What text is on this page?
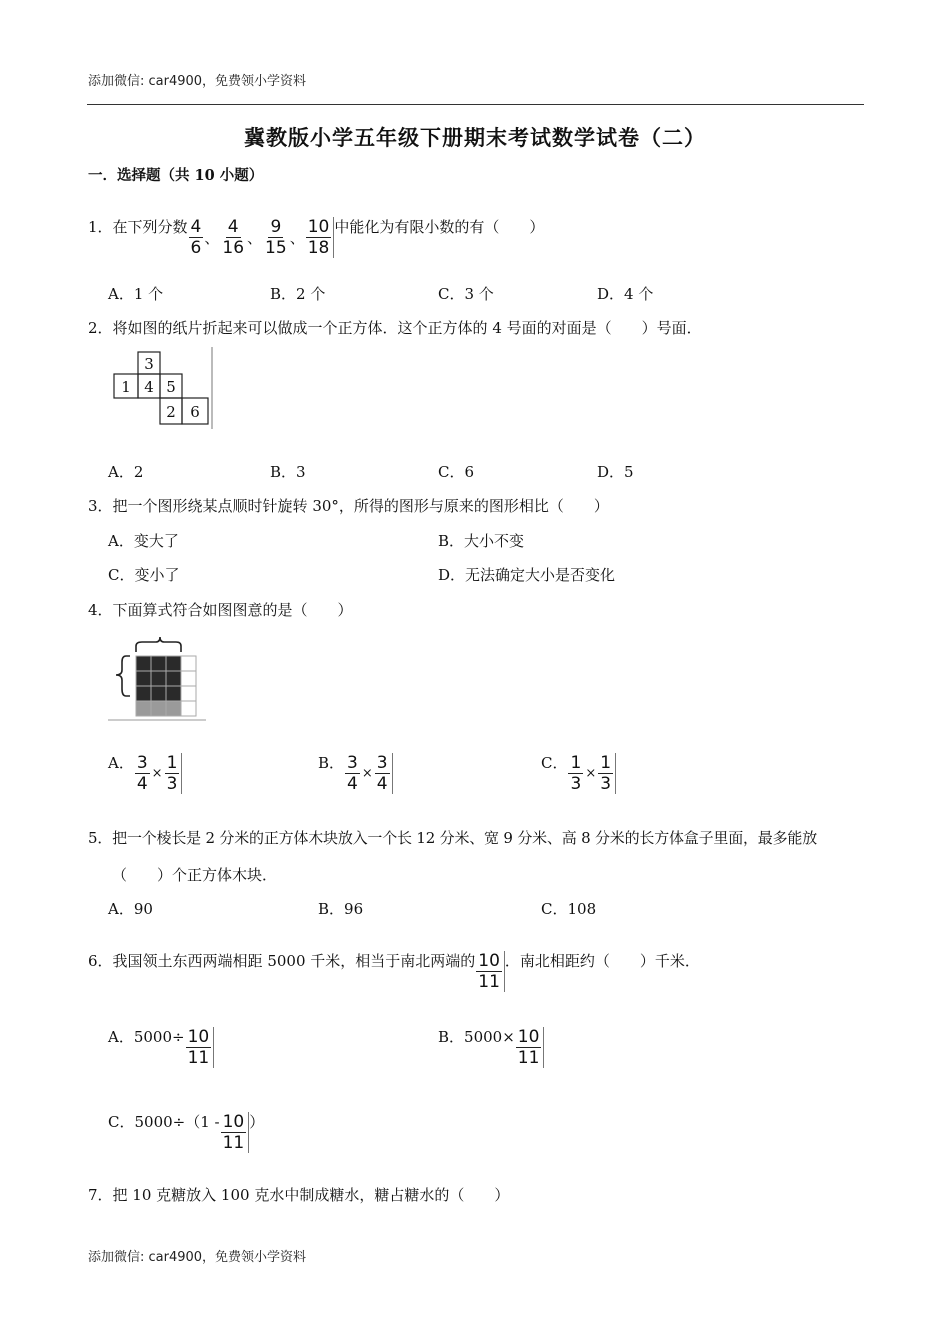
添加微信: car4900，免费领小学资料
冀教版小学五年级下册期末考试数学试卷（二）
一．选择题（共 10 小题）
1．在下列分数 $\frac{4}{6}$ 、 $\frac{4}{16}$ 、 $\frac{9}{15}$ 、 $\frac{10}{18}$ 中能化为有限小数的有（　　）
A．1 个	B．2 个	C．3 个	D．4 个
2．将如图的纸片折起来可以做成一个正方体．这个正方体的 4 号面的对面是（　　）号面．
3
1 4 5
2 6
A．2	B．3	C．6	D．5
3．把一个图形绕某点顺时针旋转 30°，所得的图形与原来的图形相比（　　）
A．变大了	B．大小不变
C．变小了	D．无法确定大小是否变化
4．下面算式符合如图图意的是（　　）
A． $\frac{3}{4} \times \frac{1}{3}$	B． $\frac{3}{4} \times \frac{3}{4}$	C． $\frac{1}{3} \times \frac{1}{3}$
5．把一个棱长是 2 分米的正方体木块放入一个长 12 分米、宽 9 分米、高 8 分米的长方体盒子里面，最多能放
（　　）个正方体木块．
A．90	B．96	C．108
6．我国领土东西两端相距 5000 千米，相当于南北两端的 $\frac{10}{11}$ ．南北相距约（　　）千米．
A．$5000\div \frac{10}{11}$	B．$5000\times \frac{10}{11}$
C．$5000\div(1 - \frac{10}{11}$ ）
7．把 10 克糖放入 100 克水中制成糖水，糖占糖水的（　　）
添加微信: car4900，免费领小学资料
